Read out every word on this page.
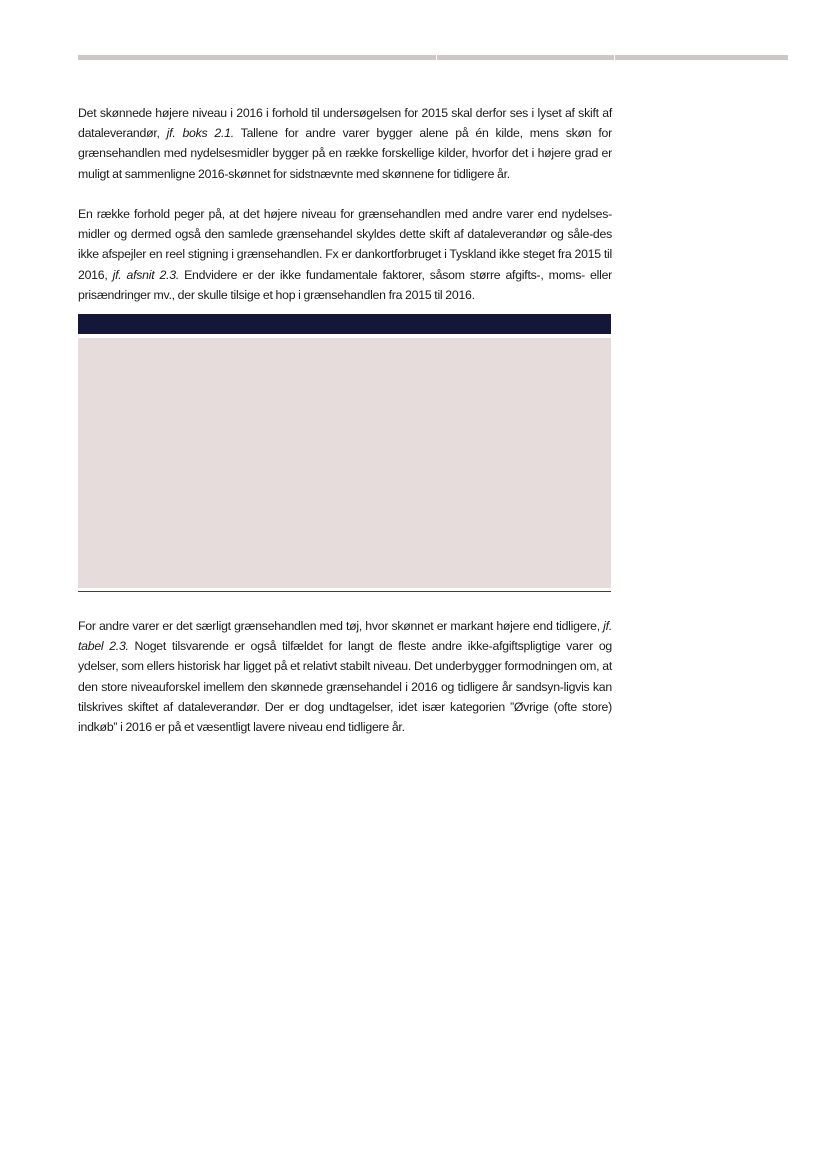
Det skønnede højere niveau i 2016 i forhold til undersøgelsen for 2015 skal derfor ses i lyset af skift af dataleverandør, jf. boks 2.1. Tallene for andre varer bygger alene på én kilde, mens skøn for grænsehandlen med nydelsesmidler bygger på en række forskellige kilder, hvorfor det i højere grad er muligt at sammenligne 2016-skønnet for sidstnævnte med skønnene for tidligere år.

En række forhold peger på, at det højere niveau for grænsehandlen med andre varer end nydelses-midler og dermed også den samlede grænsehandel skyldes dette skift af dataleverandør og såle-des ikke afspejler en reel stigning i grænsehandlen. Fx er dankortforbruget i Tyskland ikke steget fra 2015 til 2016, jf. afsnit 2.3. Endvidere er der ikke fundamentale faktorer, såsom større afgifts-, moms- eller prisændringer mv., der skulle tilsige et hop i grænsehandlen fra 2015 til 2016.

For andre varer er det særligt grænsehandlen med tøj, hvor skønnet er markant højere end tidligere, jf. tabel 2.3. Noget tilsvarende er også tilfældet for langt de fleste andre ikke-afgiftspligtige varer og ydelser, som ellers historisk har ligget på et relativt stabilt niveau. Det underbygger formodningen om, at den store niveauforskel imellem den skønnede grænsehandel i 2016 og tidligere år sandsyn-ligvis kan tilskrives skiftet af dataleverandør. Der er dog undtagelser, idet især kategorien ”Øvrige (ofte store) indkøb” i 2016 er på et væsentligt lavere niveau end tidligere år.
